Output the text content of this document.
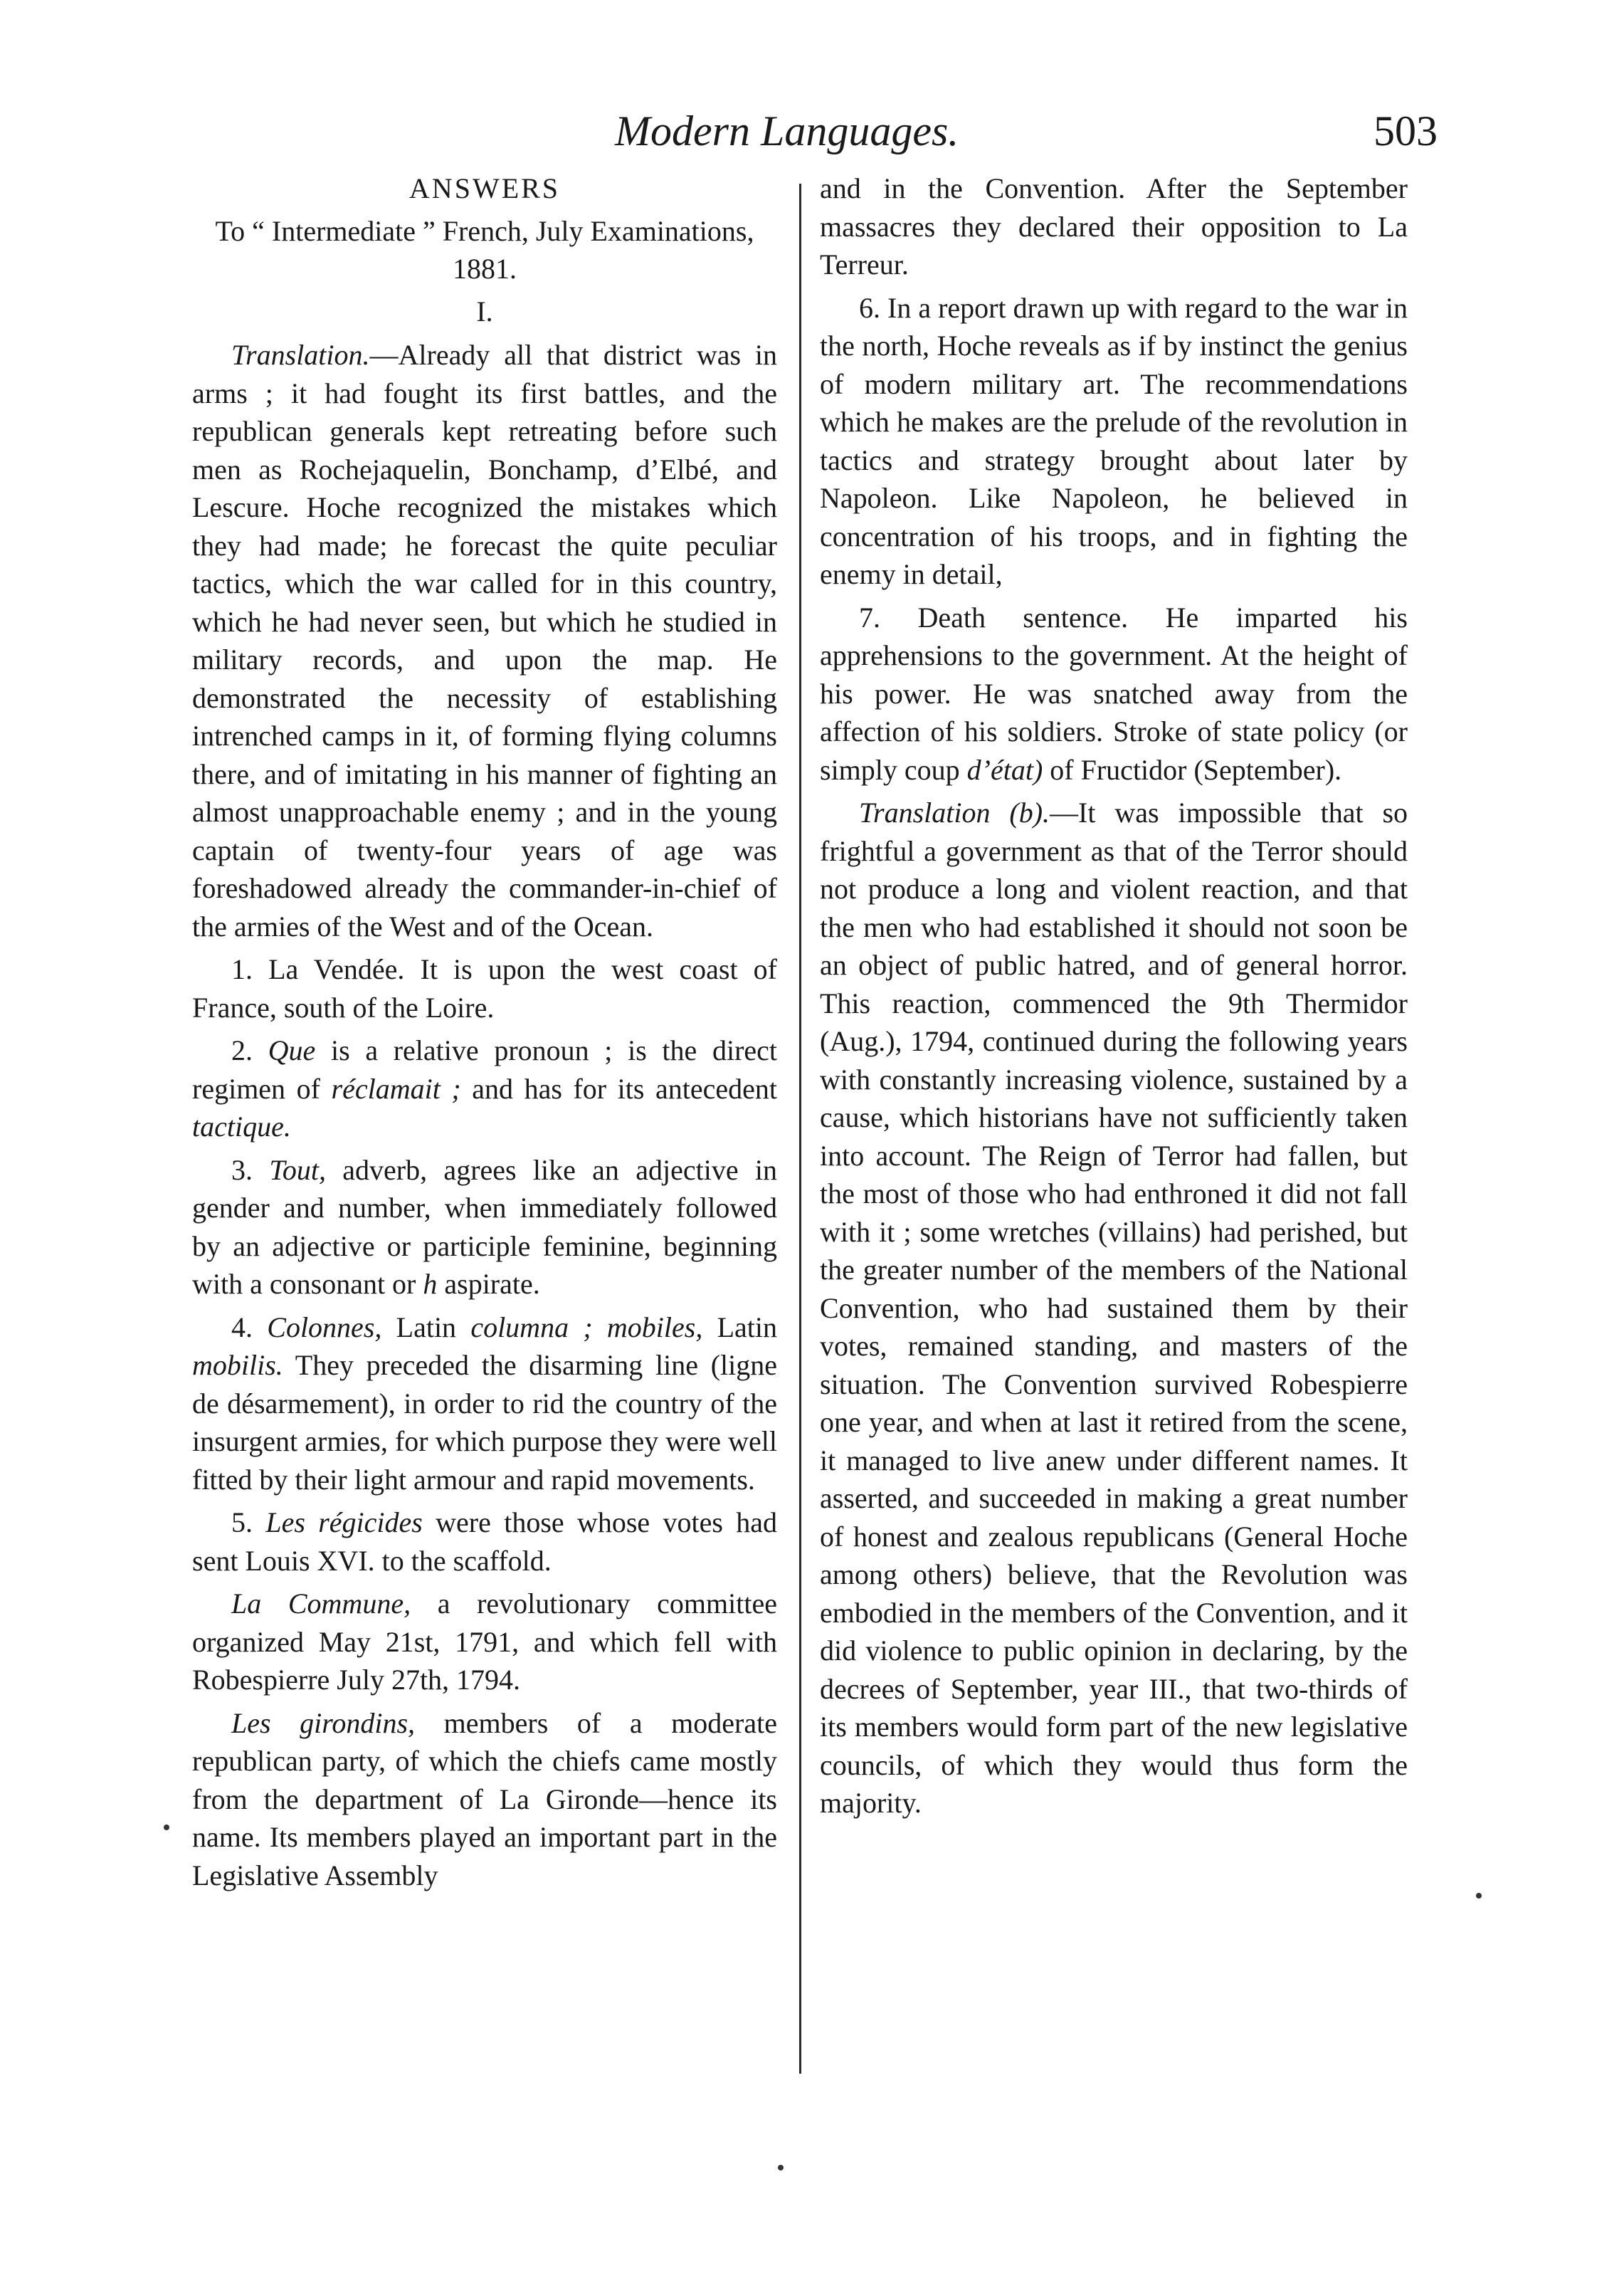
Modern Languages.	503

ANSWERS

To “ Intermediate ” French, July Examinations, 1881.

I.

Translation.—Already all that district was in arms ; it had fought its first battles, and the republican generals kept retreating before such men as Rochejaquelin, Bonchamp, d’Elbé, and Lescure. Hoche recognized the mistakes which they had made; he forecast the quite peculiar tactics, which the war called for in this country, which he had never seen, but which he studied in military records, and upon the map. He demonstrated the necessity of establishing intrenched camps in it, of forming flying columns there, and of imitating in his manner of fighting an almost unapproachable enemy ; and in the young captain of twenty-four years of age was foreshadowed already the commander-in-chief of the armies of the West and of the Ocean.

1. La Vendée. It is upon the west coast of France, south of the Loire.

2. Que is a relative pronoun ; is the direct regimen of réclamait ; and has for its antecedent tactique.

3. Tout, adverb, agrees like an adjective in gender and number, when immediately followed by an adjective or participle feminine, beginning with a consonant or h aspirate.

4. Colonnes, Latin columna ; mobiles, Latin mobilis. They preceded the disarming line (ligne de désarmement), in order to rid the country of the insurgent armies, for which purpose they were well fitted by their light armour and rapid movements.

5. Les régicides were those whose votes had sent Louis XVI. to the scaffold.

La Commune, a revolutionary committee organized May 21st, 1791, and which fell with Robespierre July 27th, 1794.

Les girondins, members of a moderate republican party, of which the chiefs came mostly from the department of La Gironde—hence its name. Its members played an important part in the Legislative Assembly

and in the Convention. After the September massacres they declared their opposition to La Terreur.

6. In a report drawn up with regard to the war in the north, Hoche reveals as if by instinct the genius of modern military art. The recommendations which he makes are the prelude of the revolution in tactics and strategy brought about later by Napoleon. Like Napoleon, he believed in concentration of his troops, and in fighting the enemy in detail,

7. Death sentence. He imparted his apprehensions to the government. At the height of his power. He was snatched away from the affection of his soldiers. Stroke of state policy (or simply coup d’état) of Fructidor (September).

Translation (b).—It was impossible that so frightful a government as that of the Terror should not produce a long and violent reaction, and that the men who had established it should not soon be an object of public hatred, and of general horror. This reaction, commenced the 9th Thermidor (Aug.), 1794, continued during the following years with constantly increasing violence, sustained by a cause, which historians have not sufficiently taken into account. The Reign of Terror had fallen, but the most of those who had enthroned it did not fall with it ; some wretches (villains) had perished, but the greater number of the members of the National Convention, who had sustained them by their votes, remained standing, and masters of the situation. The Convention survived Robespierre one year, and when at last it retired from the scene, it managed to live anew under different names. It asserted, and succeeded in making a great number of honest and zealous republicans (General Hoche among others) believe, that the Revolution was embodied in the members of the Convention, and it did violence to public opinion in declaring, by the decrees of September, year III., that two-thirds of its members would form part of the new legislative councils, of which they would thus form the majority.
